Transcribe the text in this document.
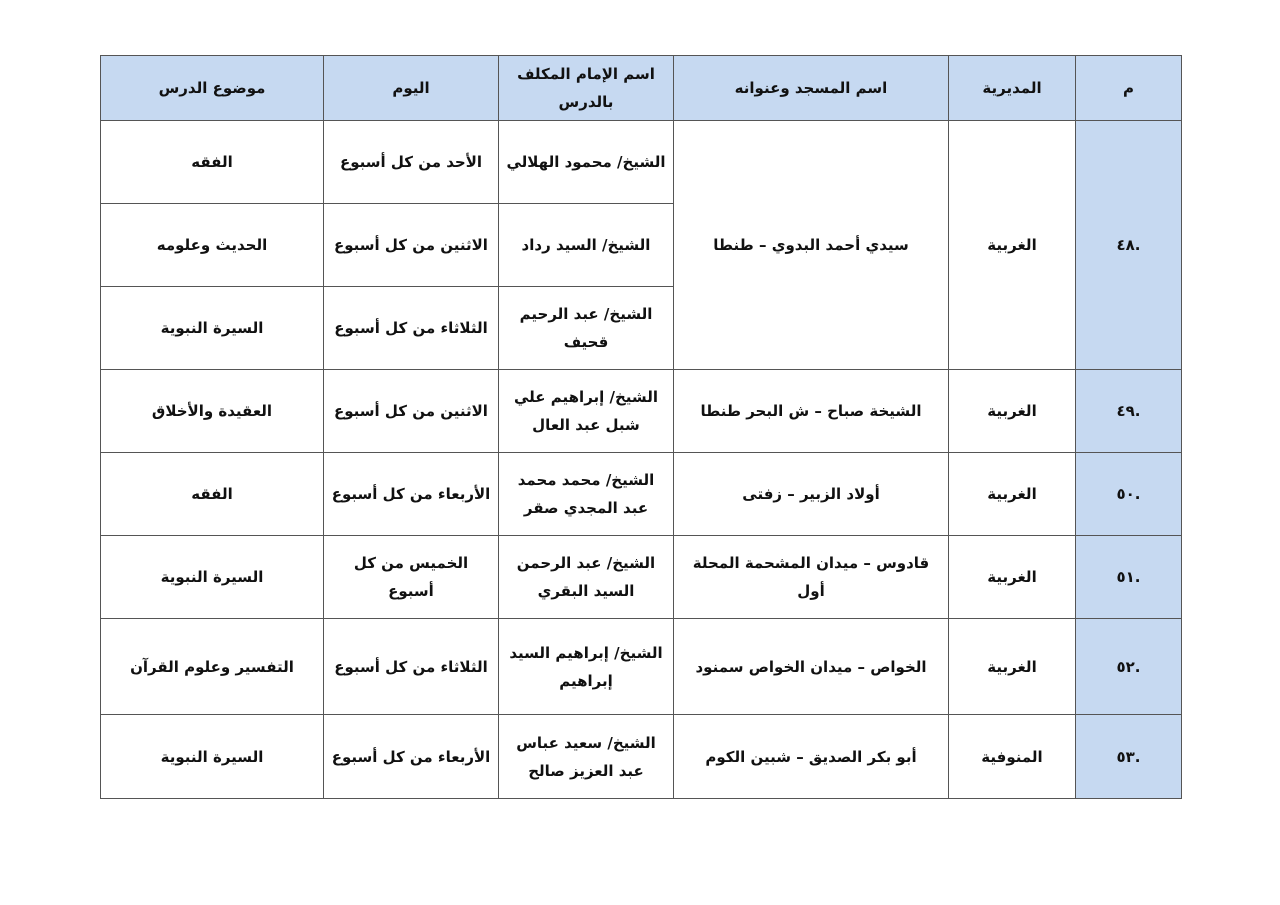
م	المديرية	اسم المسجد وعنوانه	اسم الإمام المكلف بالدرس	اليوم	موضوع الدرس
.٤٨	الغربية	سيدي أحمد البدوي – طنطا	الشيخ/ محمود الهلالي	الأحد من كل أسبوع	الفقه
			الشيخ/ السيد رداد	الاثنين من كل أسبوع	الحديث وعلومه
			الشيخ/ عبد الرحيم قحيف	الثلاثاء من كل أسبوع	السيرة النبوية
.٤٩	الغربية	الشيخة صباح – ش البحر طنطا	الشيخ/ إبراهيم علي شبل عبد العال	الاثنين من كل أسبوع	العقيدة والأخلاق
.٥٠	الغربية	أولاد الزبير – زفتى	الشيخ/ محمد محمد عبد المجدي صقر	الأربعاء من كل أسبوع	الفقه
.٥١	الغربية	قادوس – ميدان المشحمة المحلة أول	الشيخ/ عبد الرحمن السيد البقري	الخميس من كل أسبوع	السيرة النبوية
.٥٢	الغربية	الخواص – ميدان الخواص سمنود	الشيخ/ إبراهيم السيد إبراهيم	الثلاثاء من كل أسبوع	التفسير وعلوم القرآن
.٥٣	المنوفية	أبو بكر الصديق – شبين الكوم	الشيخ/ سعيد عباس عبد العزيز صالح	الأربعاء من كل أسبوع	السيرة النبوية
